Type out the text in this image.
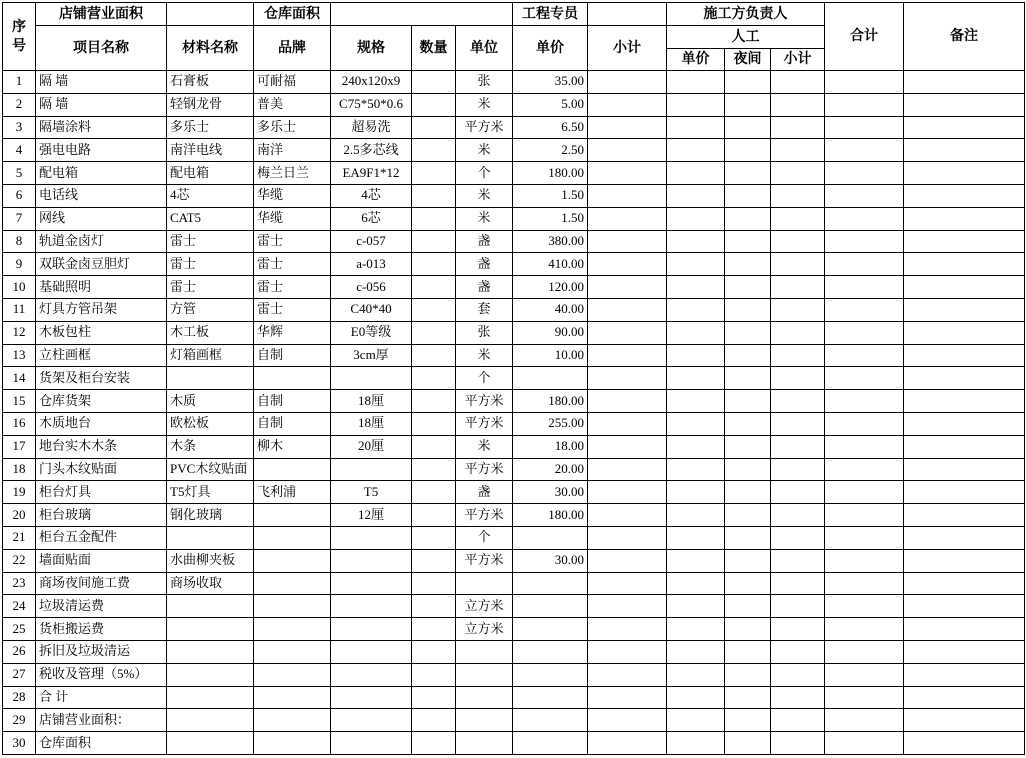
序号	店铺营业面积		仓库面积				工程专员		施工方负责人			合计	备注
	项目名称	材料名称	品牌	规格	数量	单位	单价	小计	人工				
									单价	夜间	小计		
1	隔 墙	石膏板	可耐福	240x120x9		张	35.00						
2	隔 墙	轻钢龙骨	普美	C75*50*0.6		米	5.00						
3	隔墙涂料	多乐士	多乐士	超易洗		平方米	6.50						
4	强电电路	南洋电线	南洋	2.5多芯线		米	2.50						
5	配电箱	配电箱	梅兰日兰	EA9F1*12		个	180.00						
6	电话线	4芯	华缆	4芯		米	1.50						
7	网线	CAT5	华缆	6芯		米	1.50						
8	轨道金卤灯	雷士	雷士	c-057		盏	380.00						
9	双联金卤豆胆灯	雷士	雷士	a-013		盏	410.00						
10	基础照明	雷士	雷士	c-056		盏	120.00						
11	灯具方管吊架	方管	雷士	C40*40		套	40.00						
12	木板包柱	木工板	华辉	E0等级		张	90.00						
13	立柱画框	灯箱画框	自制	3cm厚		米	10.00						
14	货架及柜台安装					个							
15	仓库货架	木质	自制	18厘		平方米	180.00						
16	木质地台	欧松板	自制	18厘		平方米	255.00						
17	地台实木木条	木条	柳木	20厘		米	18.00						
18	门头木纹贴面	PVC木纹贴面				平方米	20.00						
19	柜台灯具	T5灯具	飞利浦	T5		盏	30.00						
20	柜台玻璃	钢化玻璃		12厘		平方米	180.00						
21	柜台五金配件					个							
22	墙面贴面	水曲柳夹板				平方米	30.00						
23	商场夜间施工费	商场收取											
24	垃圾清运费					立方米							
25	货柜搬运费					立方米							
26	拆旧及垃圾清运												
27	税收及管理（5%）												
28	合 计												
29	店铺营业面积：												
30	仓库面积												
